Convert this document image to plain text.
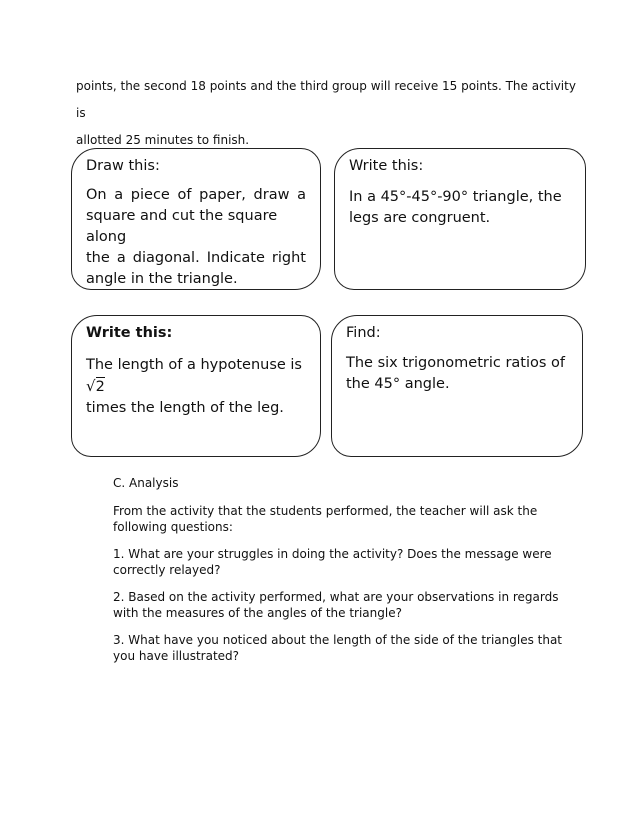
points, the second 18 points and the third group will receive 15 points. The activity is
allotted 25 minutes to finish.
Draw this:
On a piece of paper, draw a
square and cut the square along
the a diagonal. Indicate right
angle in the triangle.
Write this:
In a 45°-45°-90° triangle, the
legs are congruent.
Write this:
The length of a hypotenuse is √2
times the length of the leg.
Find:
The six trigonometric ratios of
the 45° angle.

C. Analysis

From the activity that the students performed, the teacher will ask the following questions:

1. What are your struggles in doing the activity? Does the message were correctly relayed?

2. Based on the activity performed, what are your observations in regards with the measures of the angles of the triangle?

3. What have you noticed about the length of the side of the triangles that you have illustrated?
